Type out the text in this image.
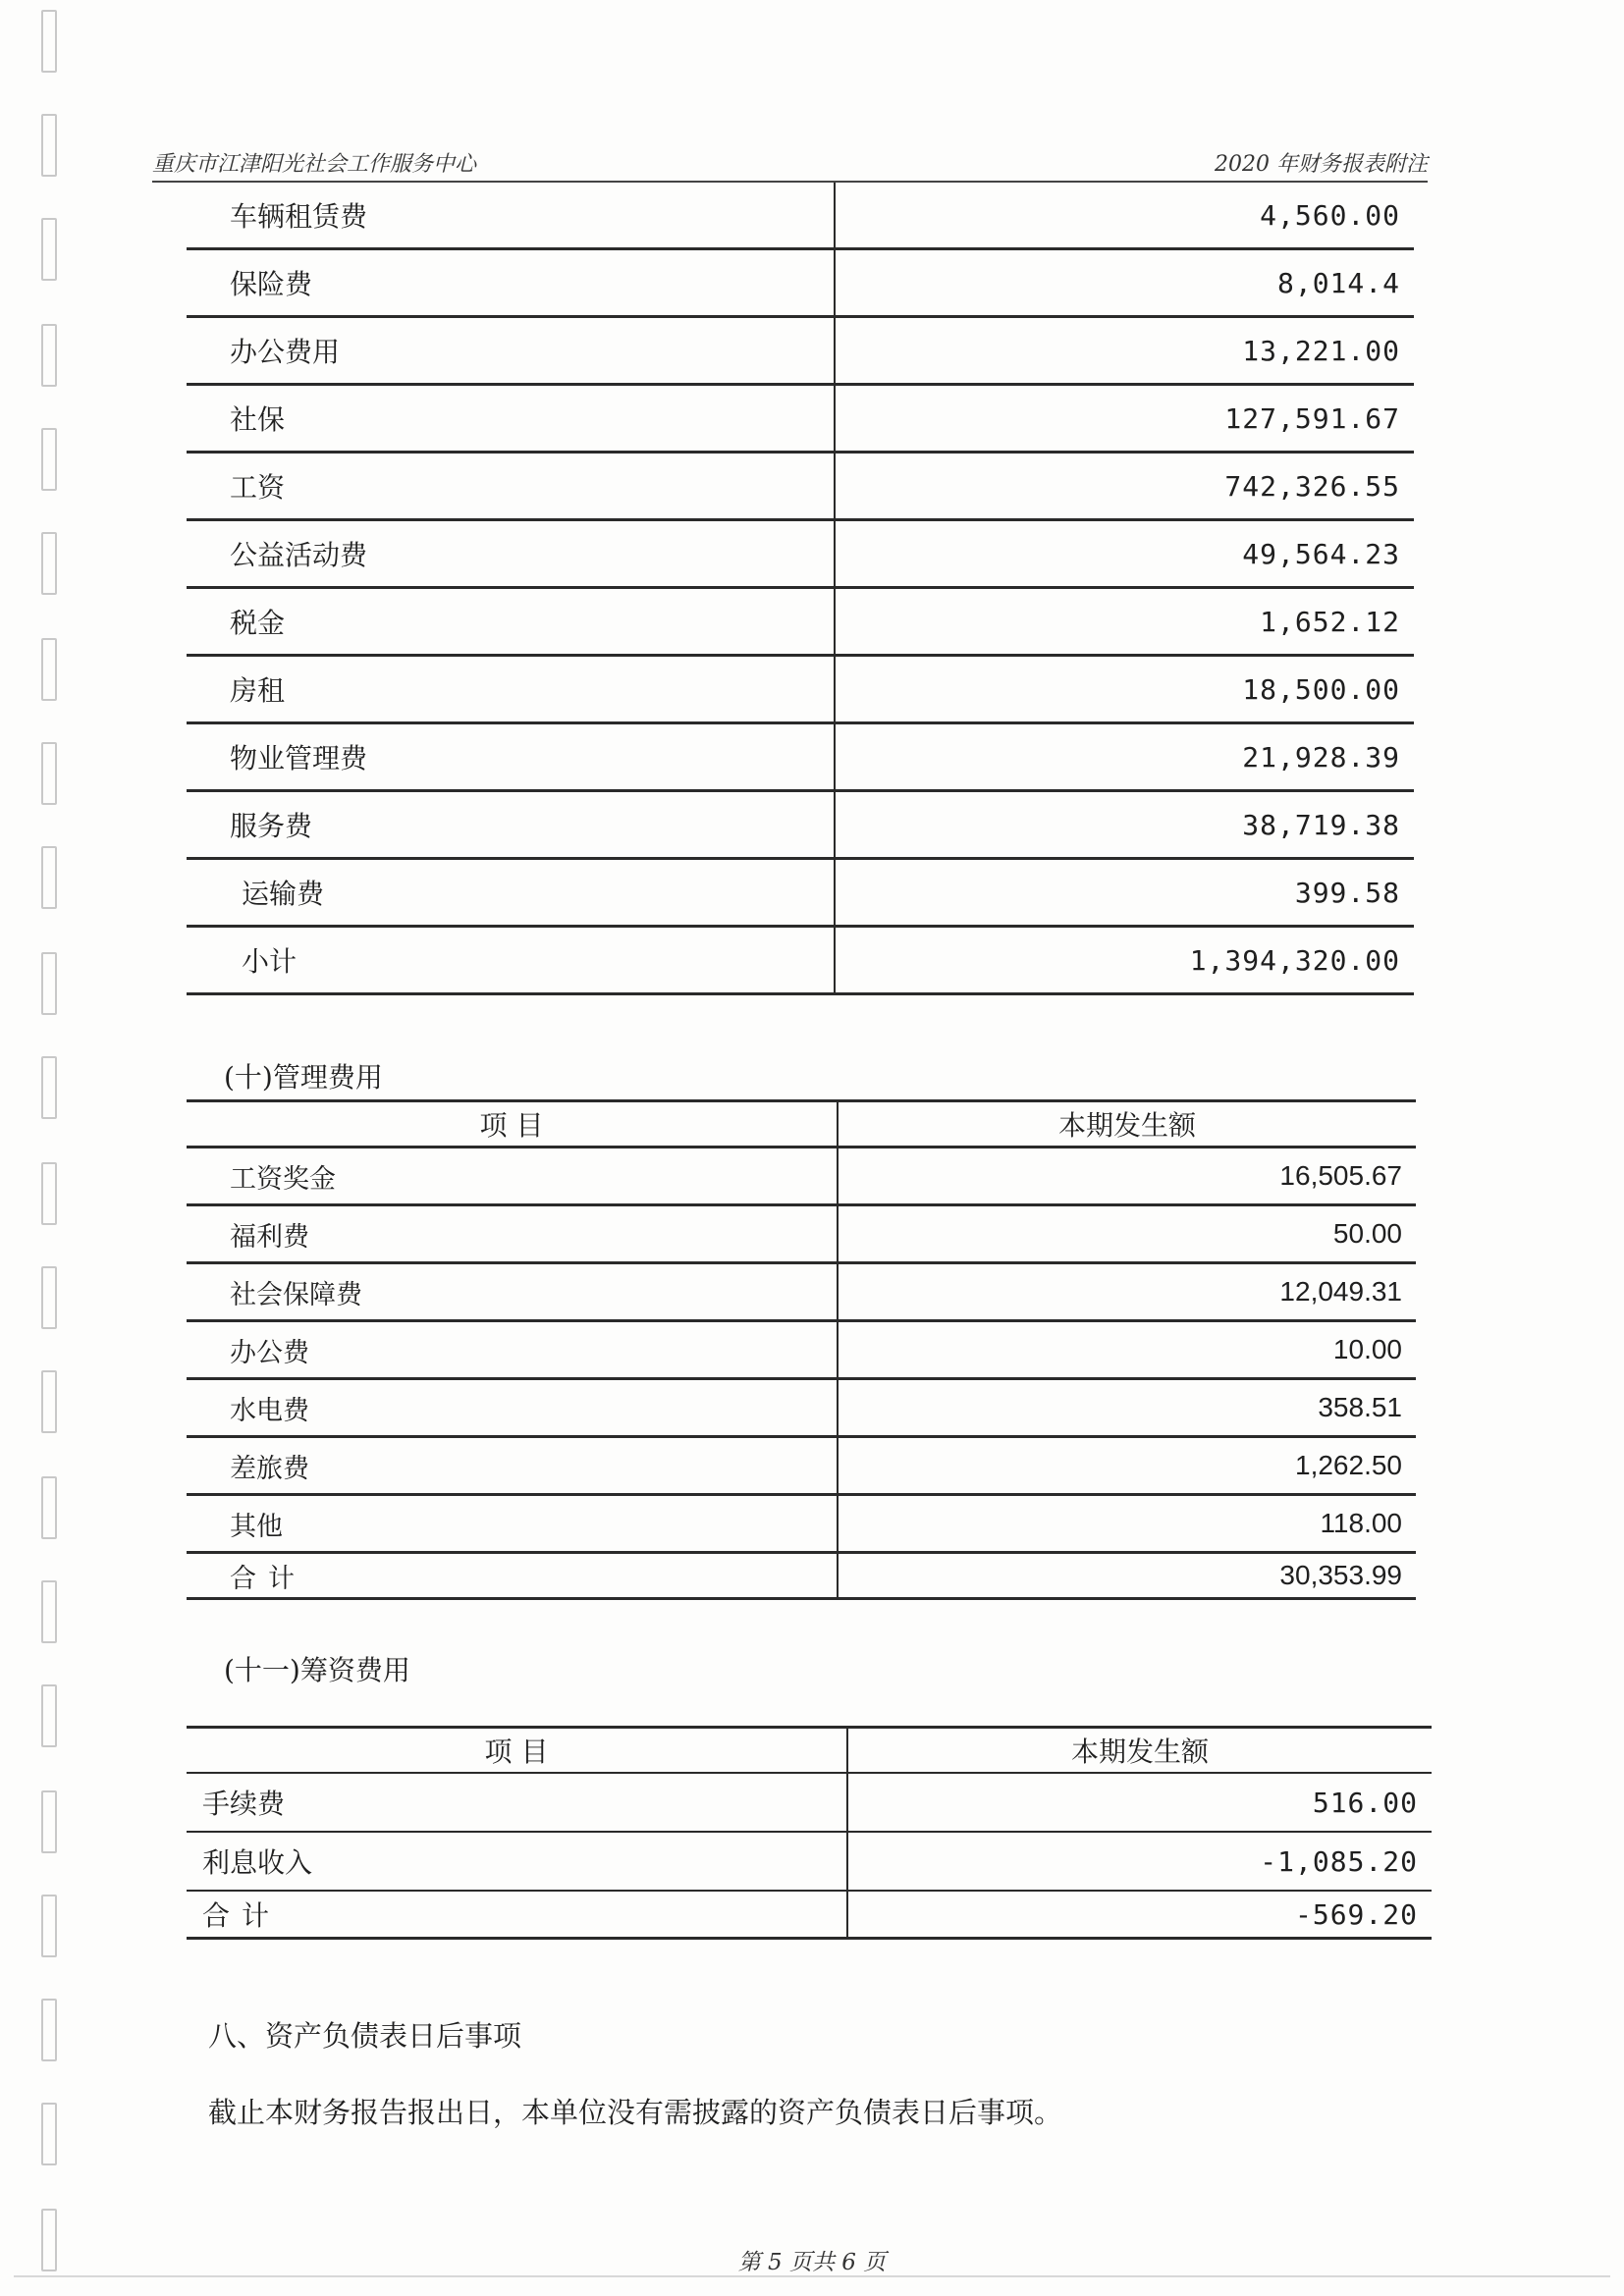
重庆市江津阳光社会工作服务中心	2020 年财务报表附注
车辆租赁费	4,560.00
保险费	8,014.4
办公费用	13,221.00
社保	127,591.67
工资	742,326.55
公益活动费	49,564.23
税金	1,652.12
房租	18,500.00
物业管理费	21,928.39
服务费	38,719.38
运输费	399.58
小计	1,394,320.00
(十)管理费用
项 目	本期发生额
工资奖金	16,505.67
福利费	50.00
社会保障费	12,049.31
办公费	10.00
水电费	358.51
差旅费	1,262.50
其他	118.00
合计	30,353.99
(十一)筹资费用
项 目	本期发生额
手续费	516.00
利息收入	-1,085.20
合计	-569.20
八、资产负债表日后事项
截止本财务报告报出日，本单位没有需披露的资产负债表日后事项。
第 5 页共 6 页
